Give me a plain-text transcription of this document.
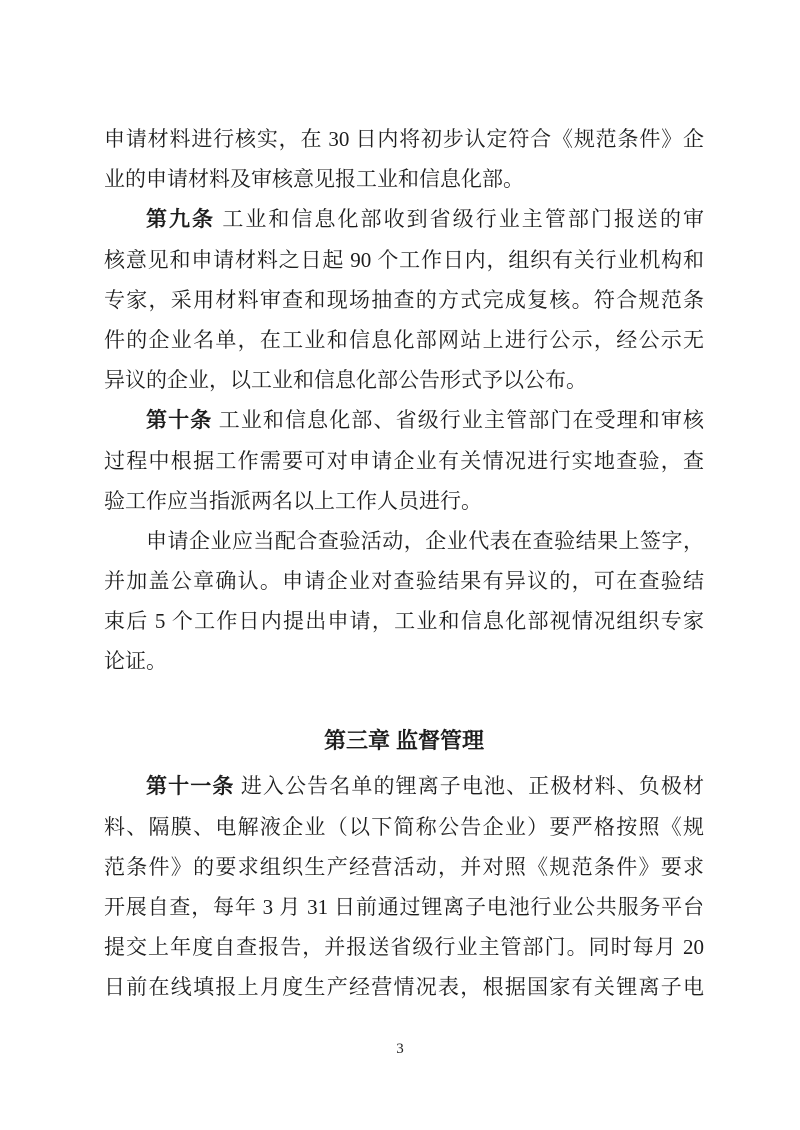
申请材料进行核实，在 30 日内将初步认定符合《规范条件》企
业的申请材料及审核意见报工业和信息化部。
第九条 工业和信息化部收到省级行业主管部门报送的审
核意见和申请材料之日起 90 个工作日内，组织有关行业机构和
专家，采用材料审查和现场抽查的方式完成复核。符合规范条
件的企业名单，在工业和信息化部网站上进行公示，经公示无
异议的企业，以工业和信息化部公告形式予以公布。
第十条 工业和信息化部、省级行业主管部门在受理和审核
过程中根据工作需要可对申请企业有关情况进行实地查验，查
验工作应当指派两名以上工作人员进行。
申请企业应当配合查验活动，企业代表在查验结果上签字，
并加盖公章确认。申请企业对查验结果有异议的，可在查验结
束后 5 个工作日内提出申请，工业和信息化部视情况组织专家
论证。
第三章 监督管理
第十一条 进入公告名单的锂离子电池、正极材料、负极材
料、隔膜、电解液企业（以下简称公告企业）要严格按照《规
范条件》的要求组织生产经营活动，并对照《规范条件》要求
开展自查，每年 3 月 31 日前通过锂离子电池行业公共服务平台
提交上年度自查报告，并报送省级行业主管部门。同时每月 20
日前在线填报上月度生产经营情况表，根据国家有关锂离子电
3
